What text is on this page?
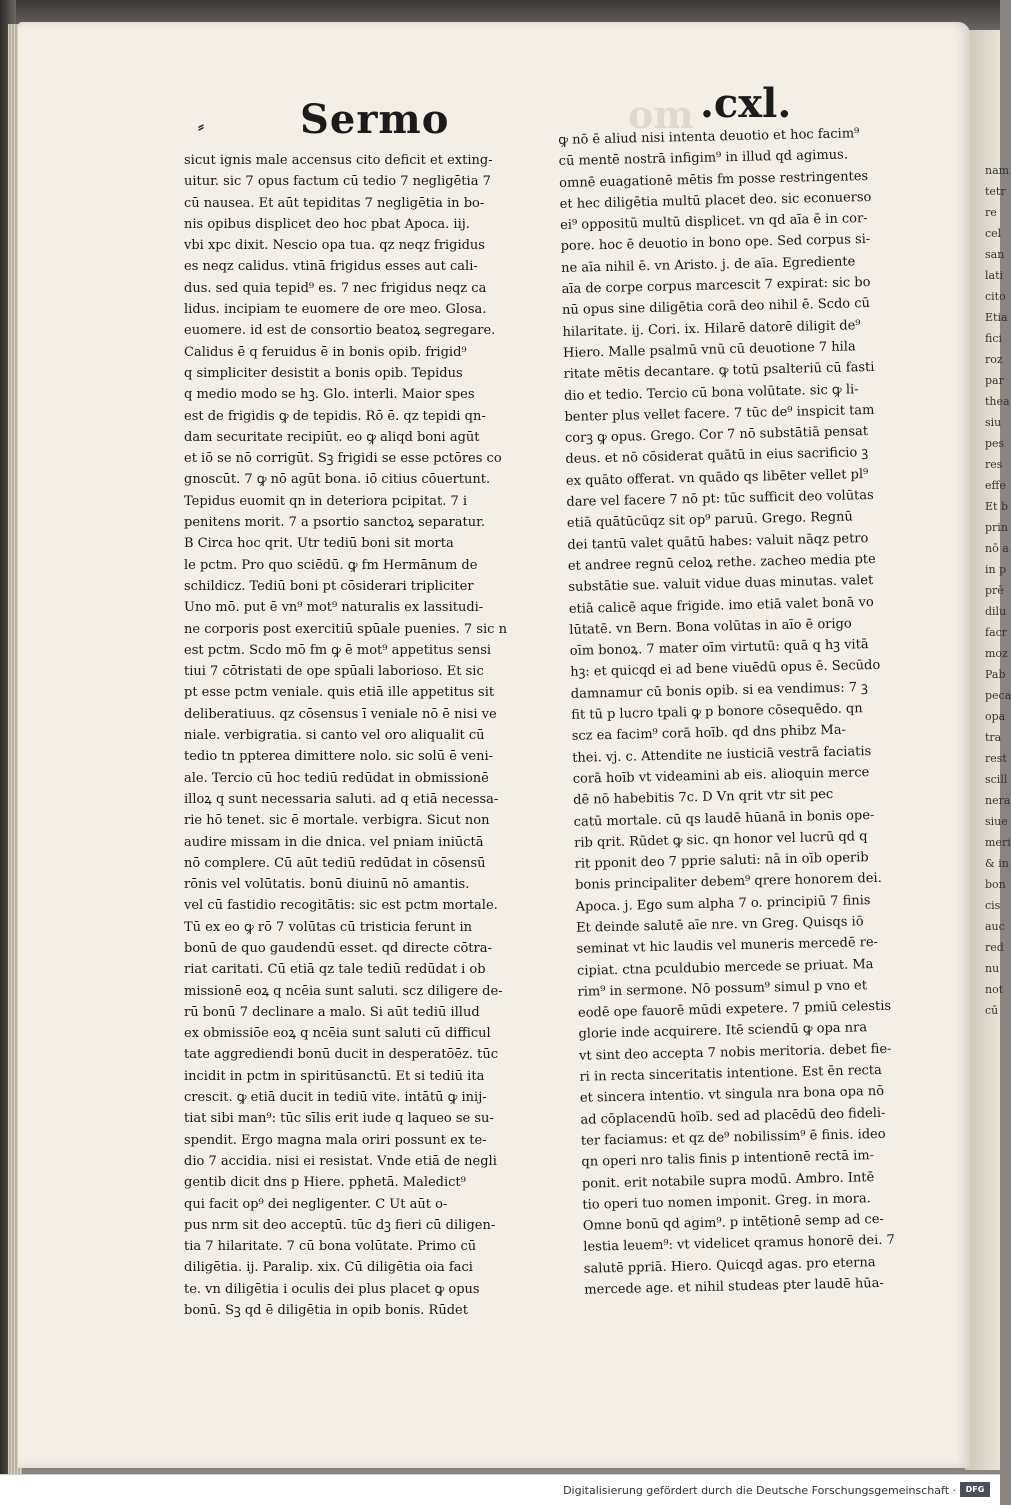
nam
tetr
re
cel
san
lati
cito
Etia
fici
roz
par
thea
siu
pes
res
effe
Et b
prin
nō a
in p
prē
dilu
facr
moz
Pab
peca
opa
tra
rest
scill
nera
siue
meri
& in
bon
cis
auc
red
nu
not
cū
⸗	om
Sermo	.cxl.
sicut ignis male accensus cito deficit et exting-
uitur. sic 7 opus factum cū tedio 7 negligētia 7
cū nausea. Et aūt tepiditas 7 negligētia in bo-
nis opibus displicet deo hoc pbat Apoca. iij.
vbi xpc dixit. Nescio opa tua. qz neqz frigidus
es neqz calidus. vtinā frigidus esses aut cali-
dus. sed quia tepid⁹ es. 7 nec frigidus neqz ca
lidus. incipiam te euomere de ore meo. Glosa.
euomere. id est de consortio beatoꝝ segregare.
Calidus ē q feruidus ē in bonis opib. frigid⁹
q simpliciter desistit a bonis opib. Tepidus
q medio modo se hꝫ. Glo. interli. Maior spes
est de frigidis ꝙ de tepidis. Rō ē. qz tepidi qn-
dam securitate recipiūt. eo ꝙ aliqd boni agūt
et iō se nō corrigūt. Sꝫ frigidi se esse pctōres co
gnoscūt. 7 ꝙ nō agūt bona. iō citius cōuertunt.
Tepidus euomit qn in deteriora pcipitat. 7 i
penitens morit. 7 a psortio sanctoꝝ separatur.
B Circa hoc qrit. Utr tediū boni sit morta
le pctm. Pro quo sciēdū. ꝙ fm Hermānum de
schildicz. Tediū boni pt cōsiderari tripliciter
Uno mō. put ē vn⁹ mot⁹ naturalis ex lassitudi-
ne corporis post exercitiū spūale puenies. 7 sic n
est pctm. Scdo mō fm ꝙ ē mot⁹ appetitus sensi
tiui 7 cōtristati de ope spūali laborioso. Et sic
pt esse pctm veniale. quis etiā ille appetitus sit
deliberatiuus. qz cōsensus ī veniale nō ē nisi ve
niale. verbigratia. si canto vel oro aliqualit cū
tedio tn ppterea dimittere nolo. sic solū ē veni-
ale. Tercio cū hoc tediū redūdat in obmissionē
illoꝝ q sunt necessaria saluti. ad q etiā necessa-
rie hō tenet. sic ē mortale. verbigra. Sicut non
audire missam in die dnica. vel pniam iniūctā
nō complere. Cū aūt tediū redūdat in cōsensū
rōnis vel volūtatis. bonū diuinū nō amantis.
vel cū fastidio recogitātis: sic est pctm mortale.
Tū ex eo ꝙ rō 7 volūtas cū tristicia ferunt in
bonū de quo gaudendū esset. qd directe cōtra-
riat caritati. Cū etiā qz tale tediū redūdat i ob
missionē eoꝝ q ncēia sunt saluti. scz diligere de-
rū bonū 7 declinare a malo. Si aūt tediū illud
ex obmissiōe eoꝝ q ncēia sunt saluti cū difficul
tate aggrediendi bonū ducit in desperatōēz. tūc
incidit in pctm in spiritūsanctū. Et si tediū ita
crescit. ꝙ etiā ducit in tediū vite. intātū ꝙ inij-
tiat sibi man⁹: tūc sīlis erit iude q laqueo se su-
spendit. Ergo magna mala oriri possunt ex te-
dio 7 accidia. nisi ei resistat. Vnde etiā de negli
gentib dicit dns p Hiere. pphetā. Maledict⁹
qui facit op⁹ dei negligenter. C Ut aūt o-
pus nrm sit deo acceptū. tūc dꝫ fieri cū diligen-
tia 7 hilaritate. 7 cū bona volūtate. Primo cū
diligētia. ij. Paralip. xix. Cū diligētia oia faci
te. vn diligētia i oculis dei plus placet ꝙ opus
bonū. Sꝫ qd ē diligētia in opib bonis. Rūdet
ꝙ nō ē aliud nisi intenta deuotio et hoc facim⁹
cū mentē nostrā infigim⁹ in illud qd agimus.
omnē euagationē mētis fm posse restringentes
et hec diligētia multū placet deo. sic econuerso
ei⁹ oppositū multū displicet. vn qd aīa ē in cor-
pore. hoc ē deuotio in bono ope. Sed corpus si-
ne aīa nihil ē. vn Aristo. j. de aīa. Egrediente
aīa de corpe corpus marcescit 7 expirat: sic bo
nū opus sine diligētia corā deo nihil ē. Scdo cū
hilaritate. ij. Cori. ix. Hilarē datorē diligit de⁹
Hiero. Malle psalmū vnū cū deuotione 7 hila
ritate mētis decantare. ꝙ totū psalteriū cū fasti
dio et tedio. Tercio cū bona volūtate. sic ꝙ li-
benter plus vellet facere. 7 tūc de⁹ inspicit tam
corꝫ ꝙ opus. Grego. Cor 7 nō substātiā pensat
deus. et nō cōsiderat quātū in eius sacrificio ꝫ
ex quāto offerat. vn quādo qs libēter vellet pl⁹
dare vel facere 7 nō pt: tūc sufficit deo volūtas
etiā quātūcūqz sit op⁹ paruū. Grego. Regnū
dei tantū valet quātū habes: valuit nāqz petro
et andree regnū celoꝝ rethe. zacheo media pte
substātie sue. valuit vidue duas minutas. valet
etiā calicē aque frigide. imo etiā valet bonā vo
lūtatē. vn Bern. Bona volūtas in aīo ē origo
oīm bonoꝝ. 7 mater oīm virtutū: quā q hꝫ vitā
hꝫ: et quicqd ei ad bene viuēdū opus ē. Secūdo
damnamur cū bonis opib. si ea vendimus: 7 ꝫ
fit tū p lucro tpali ꝙ p bonore cōsequēdo. qn
scz ea facim⁹ corā hoīb. qd dns phibz Ma-
thei. vj. c. Attendite ne iusticiā vestrā faciatis
corā hoīb vt videamini ab eis. alioquin merce
dē nō habebitis 7c. D Vn qrit vtr sit pec
catū mortale. cū qs laudē hūanā in bonis ope-
rib qrit. Rūdet ꝙ sic. qn honor vel lucrū qd q
rit pponit deo 7 pprie saluti: nā in oīb operib
bonis principaliter debem⁹ qrere honorem dei.
Apoca. j. Ego sum alpha 7 o. principiū 7 finis
Et deinde salutē aīe nre. vn Greg. Quisqs iō
seminat vt hic laudis vel muneris mercedē re-
cipiat. ctna pculdubio mercede se priuat. Ma
rim⁹ in sermone. Nō possum⁹ simul p vno et
eodē ope fauorē mūdi expetere. 7 pmiū celestis
glorie inde acquirere. Itē sciendū ꝙ opa nra
vt sint deo accepta 7 nobis meritoria. debet fie-
ri in recta sinceritatis intentione. Est ēn recta
et sincera intentio. vt singula nra bona opa nō
ad cōplacendū hoīb. sed ad placēdū deo fideli-
ter faciamus: et qz de⁹ nobilissim⁹ ē finis. ideo
qn operi nro talis finis p intentionē rectā im-
ponit. erit notabile supra modū. Ambro. Intē
tio operi tuo nomen imponit. Greg. in mora.
Omne bonū qd agim⁹. p intētionē semp ad ce-
lestia leuem⁹: vt videlicet qramus honorē dei. 7
salutē ppriā. Hiero. Quicqd agas. pro eterna
mercede age. et nihil studeas pter laudē hūa-
Digitalisierung gefördert durch die Deutsche Forschungsgemeinschaft ·	DFG
